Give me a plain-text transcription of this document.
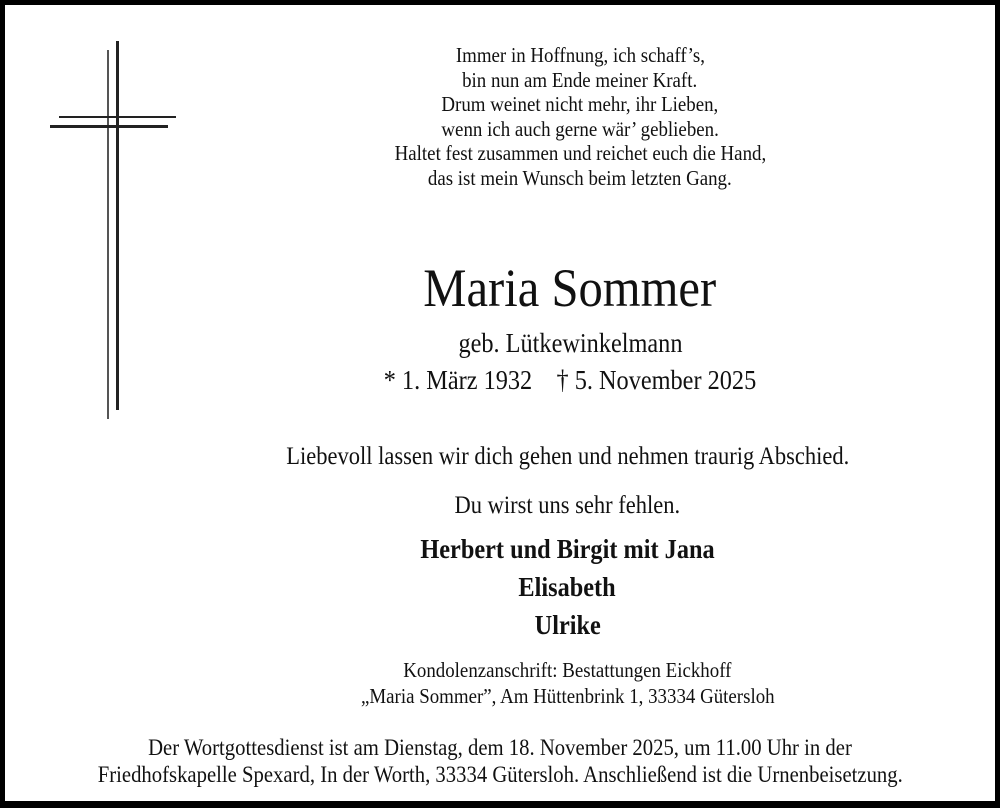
Immer in Hoffnung, ich schaff’s,
bin nun am Ende meiner Kraft.
Drum weinet nicht mehr, ihr Lieben,
wenn ich auch gerne wär’ geblieben.
Haltet fest zusammen und reichet euch die Hand,
das ist mein Wunsch beim letzten Gang.
Maria Sommer
geb. Lütkewinkelmann
* 1. März 1932    † 5. November 2025
Liebevoll lassen wir dich gehen und nehmen traurig Abschied.
Du wirst uns sehr fehlen.
Herbert und Birgit mit Jana
Elisabeth
Ulrike
Kondolenzanschrift: Bestattungen Eickhoff
„Maria Sommer”, Am Hüttenbrink 1, 33334 Gütersloh
Der Wortgottesdienst ist am Dienstag, dem 18. November 2025, um 11.00 Uhr in der
Friedhofskapelle Spexard, In der Worth, 33334 Gütersloh. Anschließend ist die Urnenbeisetzung.
